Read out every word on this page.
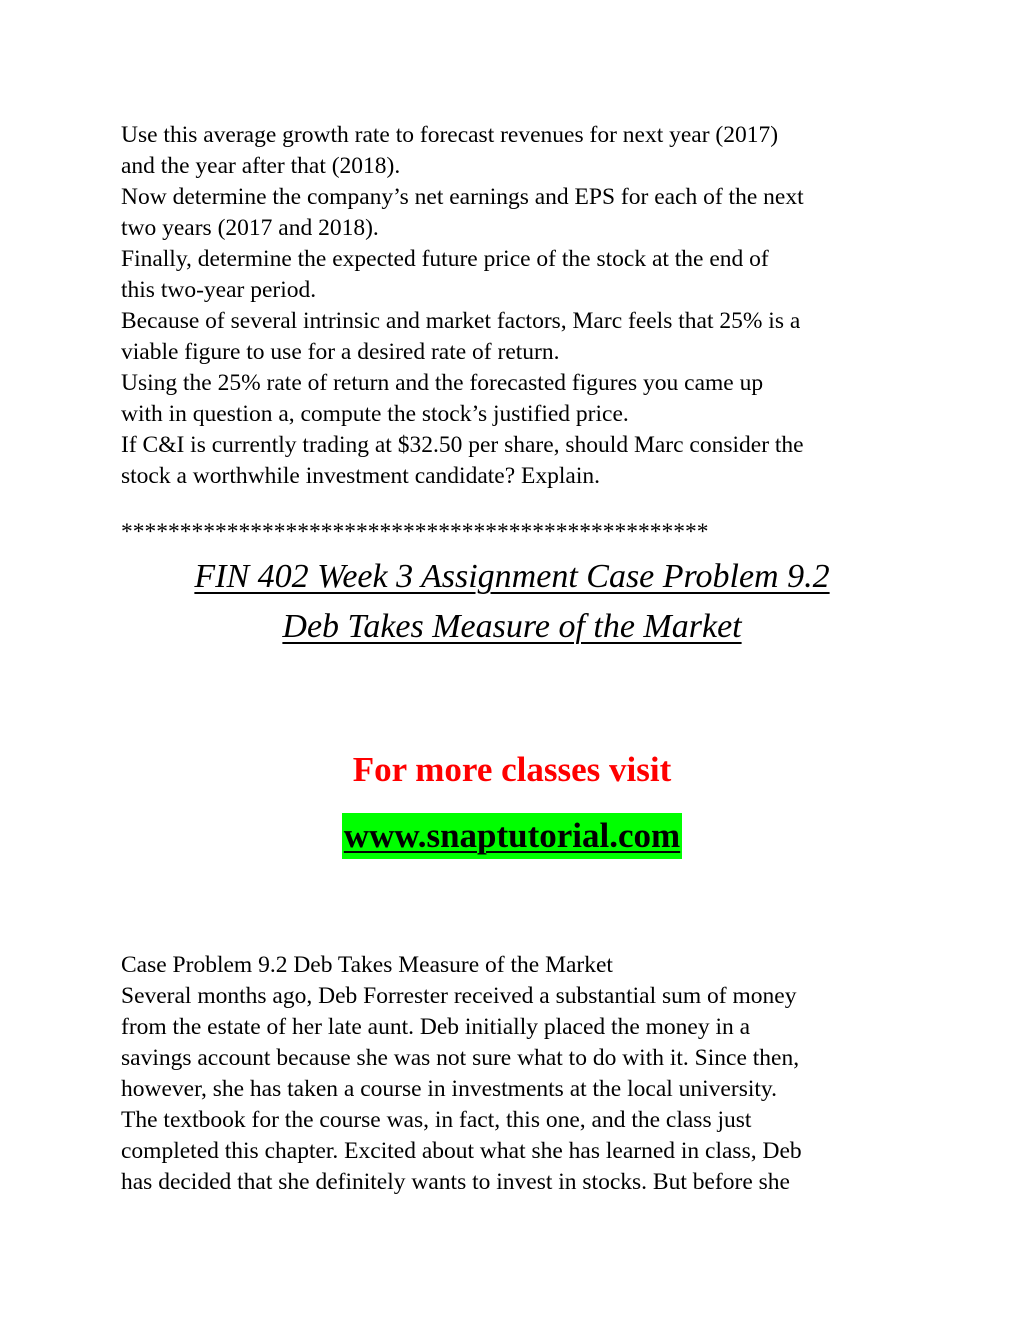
Use this average growth rate to forecast revenues for next year (2017)
and the year after that (2018).
Now determine the company’s net earnings and EPS for each of the next
two years (2017 and 2018).
Finally, determine the expected future price of the stock at the end of
this two-year period.
Because of several intrinsic and market factors, Marc feels that 25% is a
viable figure to use for a desired rate of return.
Using the 25% rate of return and the forecasted figures you came up
with in question a, compute the stock’s justified price.
If C&I is currently trading at $32.50 per share, should Marc consider the
stock a worthwhile investment candidate? Explain.
**************************************************
FIN 402 Week 3 Assignment Case Problem 9.2
Deb Takes Measure of the Market
For more classes visit
www.snaptutorial.com
Case Problem 9.2 Deb Takes Measure of the Market
Several months ago, Deb Forrester received a substantial sum of money
from the estate of her late aunt. Deb initially placed the money in a
savings account because she was not sure what to do with it. Since then,
however, she has taken a course in investments at the local university.
The textbook for the course was, in fact, this one, and the class just
completed this chapter. Excited about what she has learned in class, Deb
has decided that she definitely wants to invest in stocks. But before she
